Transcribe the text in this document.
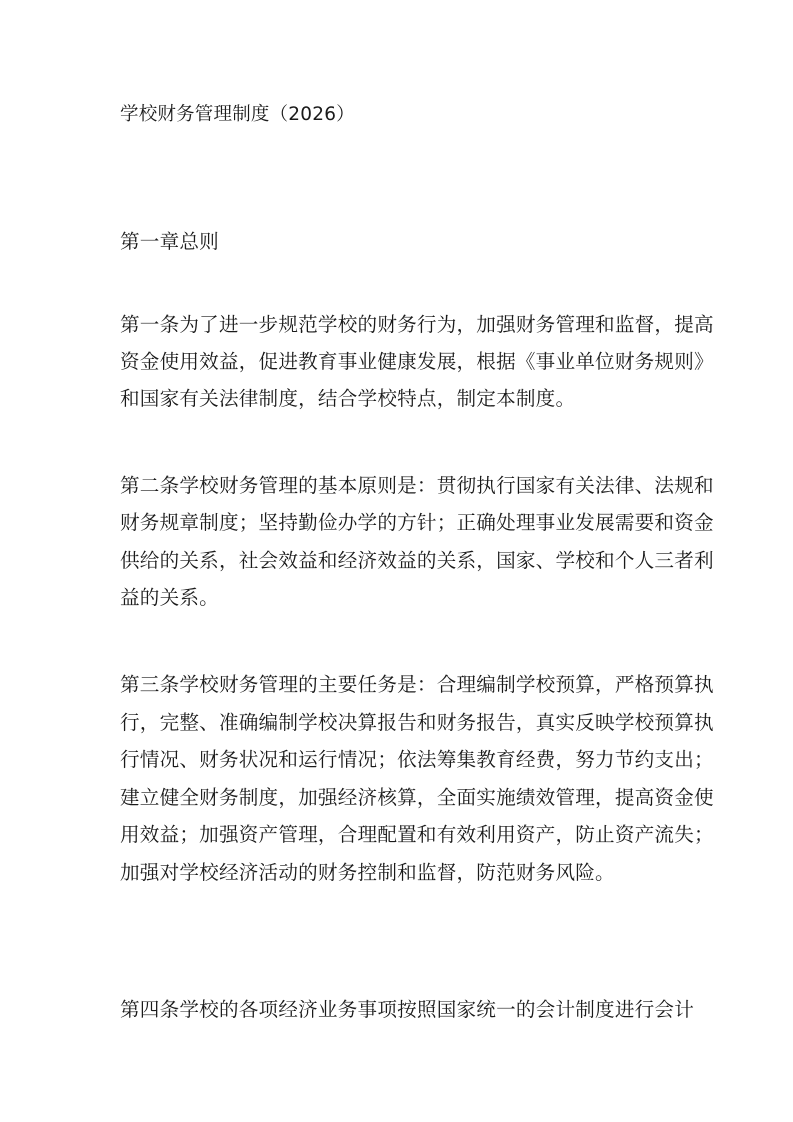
学校财务管理制度（2026）
第一章总则
第一条为了进一步规范学校的财务行为，加强财务管理和监督，提高
资金使用效益，促进教育事业健康发展，根据《事业单位财务规则》
和国家有关法律制度，结合学校特点，制定本制度。
第二条学校财务管理的基本原则是：贯彻执行国家有关法律、法规和
财务规章制度；坚持勤俭办学的方针；正确处理事业发展需要和资金
供给的关系，社会效益和经济效益的关系，国家、学校和个人三者利
益的关系。
第三条学校财务管理的主要任务是：合理编制学校预算，严格预算执
行，完整、准确编制学校决算报告和财务报告，真实反映学校预算执
行情况、财务状况和运行情况；依法筹集教育经费，努力节约支出；
建立健全财务制度，加强经济核算，全面实施绩效管理，提高资金使
用效益；加强资产管理，合理配置和有效利用资产，防止资产流失；
加强对学校经济活动的财务控制和监督，防范财务风险。
第四条学校的各项经济业务事项按照国家统一的会计制度进行会计
